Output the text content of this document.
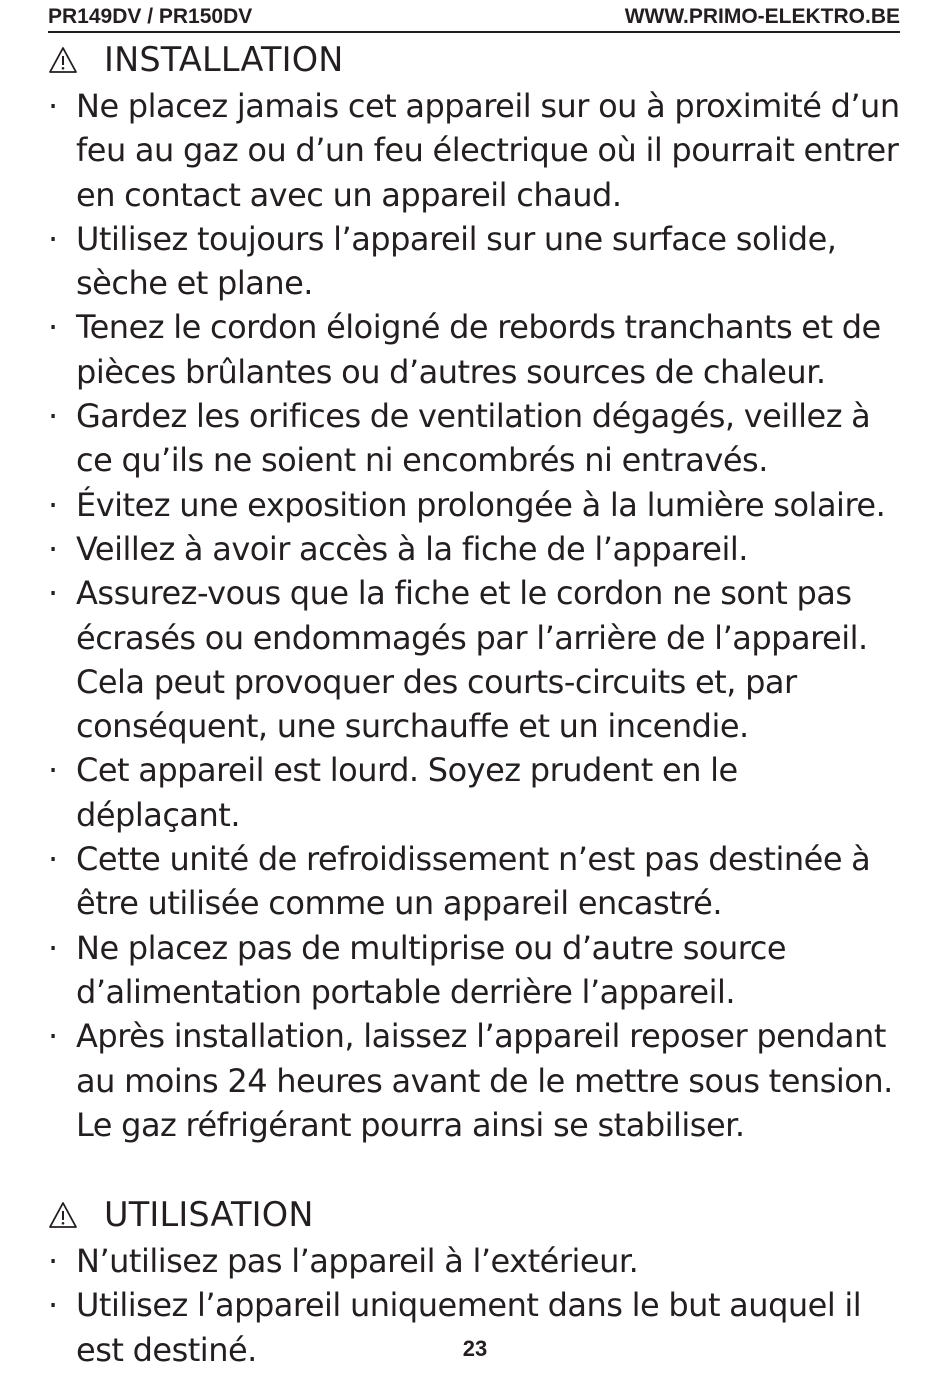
PR149DV / PR150DV	WWW.PRIMO-ELEKTRO.BE
INSTALLATION
· Ne placez jamais cet appareil sur ou à proximité d’un feu au gaz ou d’un feu électrique où il pourrait entrer en contact avec un appareil chaud.
· Utilisez toujours l’appareil sur une surface solide, sèche et plane.
· Tenez le cordon éloigné de rebords tranchants et de pièces brûlantes ou d’autres sources de chaleur.
· Gardez les orifices de ventilation dégagés, veillez à ce qu’ils ne soient ni encombrés ni entravés.
· Évitez une exposition prolongée à la lumière solaire.
· Veillez à avoir accès à la fiche de l’appareil.
· Assurez-vous que la fiche et le cordon ne sont pas écrasés ou endommagés par l’arrière de l’appareil. Cela peut provoquer des courts-circuits et, par conséquent, une surchauffe et un incendie.
· Cet appareil est lourd. Soyez prudent en le déplaçant.
· Cette unité de refroidissement n’est pas destinée à être utilisée comme un appareil encastré.
· Ne placez pas de multiprise ou d’autre source d’alimentation portable derrière l’appareil.
· Après installation, laissez l’appareil reposer pendant au moins 24 heures avant de le mettre sous tension. Le gaz réfrigérant pourra ainsi se stabiliser.
UTILISATION
· N’utilisez pas l’appareil à l’extérieur.
· Utilisez l’appareil uniquement dans le but auquel il est destiné.	23
